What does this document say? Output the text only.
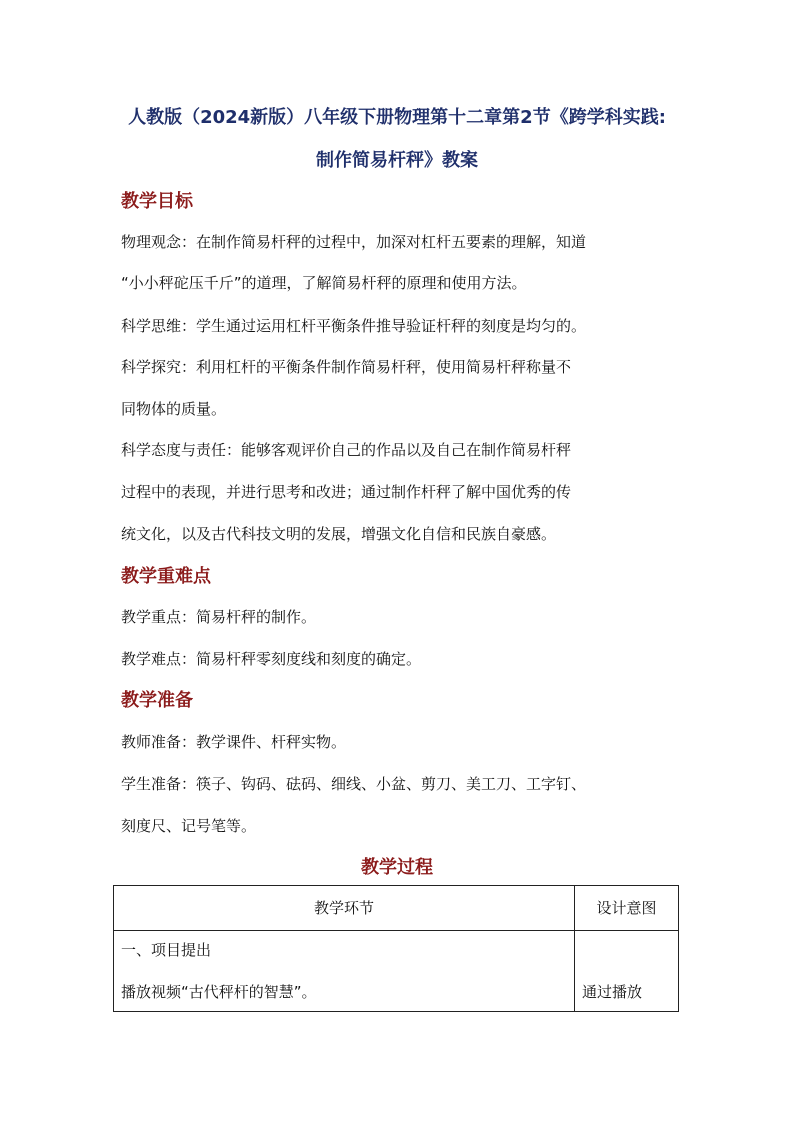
人教版（2024新版）八年级下册物理第十二章第2节《跨学科实践:
制作简易杆秤》教案
教学目标
物理观念：在制作简易杆秤的过程中，加深对杠杆五要素的理解，知道
“小小秤砣压千斤”的道理，了解简易杆秤的原理和使用方法。
科学思维：学生通过运用杠杆平衡条件推导验证杆秤的刻度是均匀的。
科学探究：利用杠杆的平衡条件制作简易杆秤，使用简易杆秤称量不
同物体的质量。
科学态度与责任：能够客观评价自己的作品以及自己在制作简易杆秤
过程中的表现，并进行思考和改进；通过制作杆秤了解中国优秀的传
统文化，以及古代科技文明的发展，增强文化自信和民族自豪感。
教学重难点
教学重点：简易杆秤的制作。
教学难点：简易杆秤零刻度线和刻度的确定。
教学准备
教师准备：教学课件、杆秤实物。
学生准备：筷子、钩码、砝码、细线、小盆、剪刀、美工刀、工字钉、
刻度尺、记号笔等。
教学过程
教学环节	设计意图

一、项目提出
播放视频“古代秤杆的智慧”。	通过播放
